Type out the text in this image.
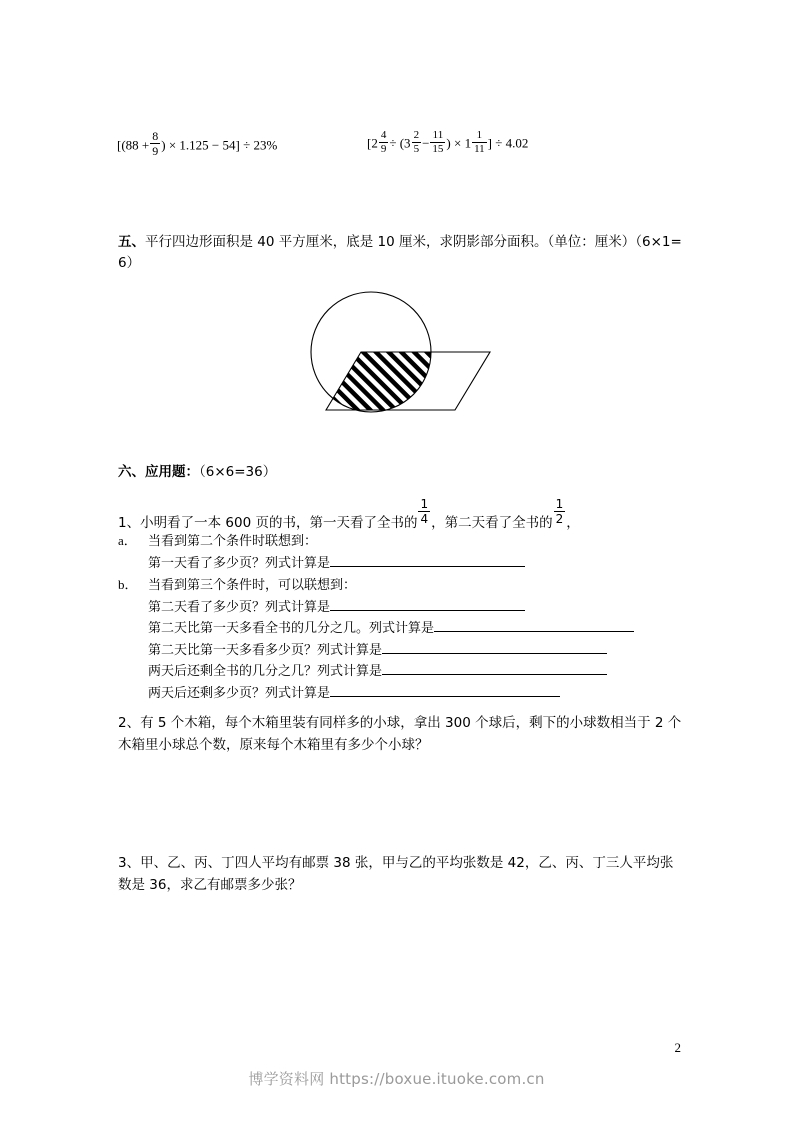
[($88 + \frac{8}{9}$ ) × 1.125 − 54] ÷ 23%	[$2 \frac{4}{9} \div (3 \frac{2}{5} - \frac{11}{15}$ ) × $1 \frac{1}{11}$ ] ÷ 4.02
五、平行四边形面积是 40 平方厘米，底是 10 厘米，求阴影部分面积。（单位：厘米）（6×1= 6）
六、应用题：（6×6=36）
1、小明看了一本 600 页的书，第一天看了全书的 $\frac{1}{4}$ ，第二天看了全书的 $\frac{1}{2}$ ，
a． 当看到第二个条件时联想到：
第一天看了多少页？列式计算是
b． 当看到第三个条件时，可以联想到：
第二天看了多少页？列式计算是
第二天比第一天多看全书的几分之几。列式计算是
第二天比第一天多看多少页？列式计算是
两天后还剩全书的几分之几？列式计算是
两天后还剩多少页？列式计算是
2、有 5 个木箱，每个木箱里装有同样多的小球，拿出 300 个球后，剩下的小球数相当于 2 个木箱里小球总个数，原来每个木箱里有多少个小球？
3、甲、乙、丙、丁四人平均有邮票 38 张，甲与乙的平均张数是 42，乙、丙、丁三人平均张数是 36，求乙有邮票多少张？
2
博学资料网 https://boxue.ituoke.com.cn
